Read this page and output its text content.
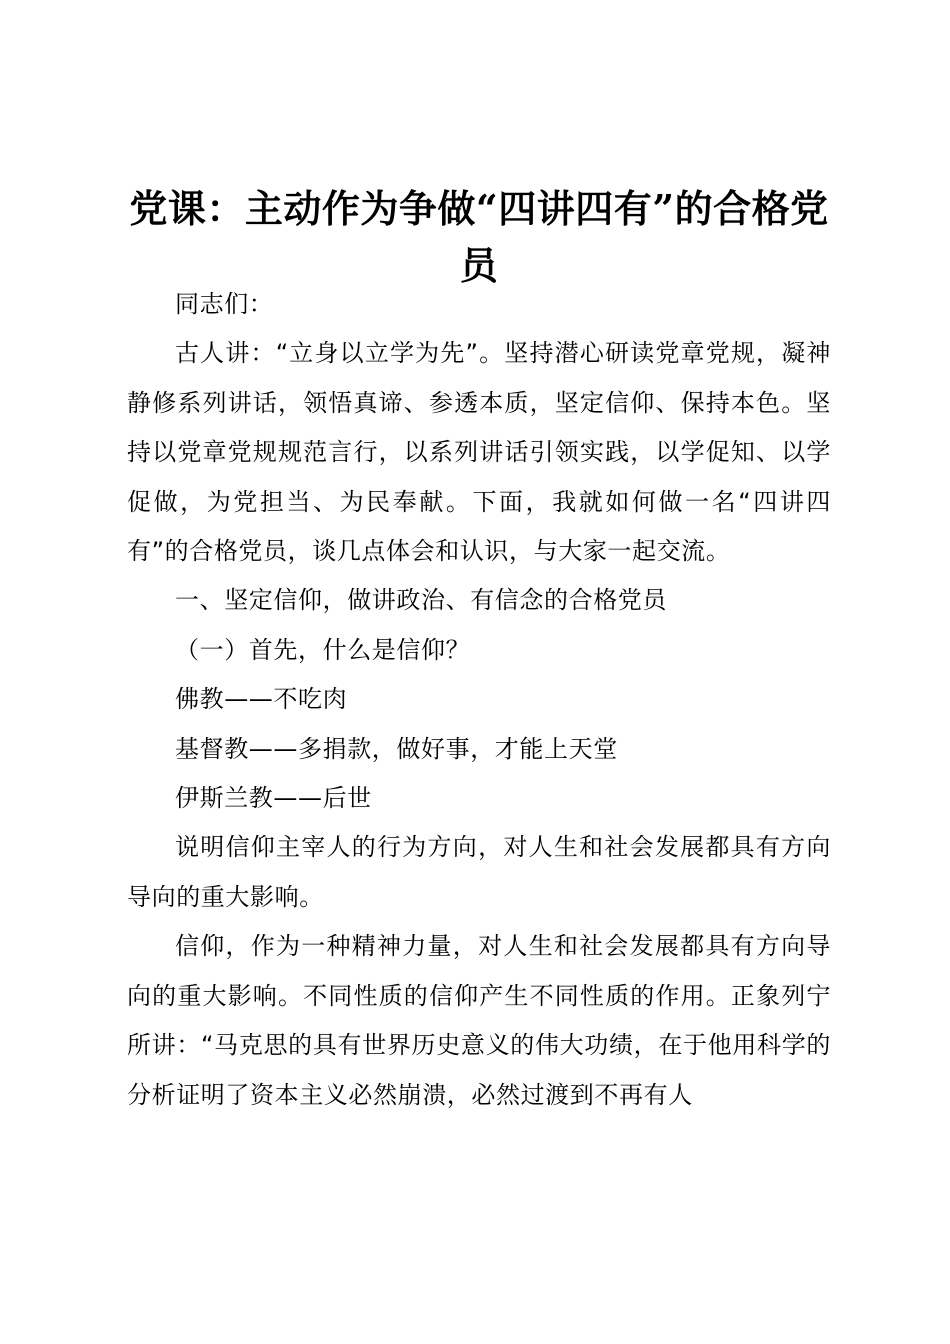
党课：主动作为争做“四讲四有”的合格党员

同志们：

古人讲：“立身以立学为先”。坚持潜心研读党章党规，凝神静修系列讲话，领悟真谛、参透本质，坚定信仰、保持本色。坚持以党章党规规范言行，以系列讲话引领实践，以学促知、以学促做，为党担当、为民奉献。下面，我就如何做一名“四讲四有”的合格党员，谈几点体会和认识，与大家一起交流。

一、坚定信仰，做讲政治、有信念的合格党员

（一）首先，什么是信仰？

佛教——不吃肉

基督教——多捐款，做好事，才能上天堂

伊斯兰教——后世

说明信仰主宰人的行为方向，对人生和社会发展都具有方向导向的重大影响。

信仰，作为一种精神力量，对人生和社会发展都具有方向导向的重大影响。不同性质的信仰产生不同性质的作用。正象列宁所讲：“马克思的具有世界历史意义的伟大功绩，在于他用科学的分析证明了资本主义必然崩溃，必然过渡到不再有人
